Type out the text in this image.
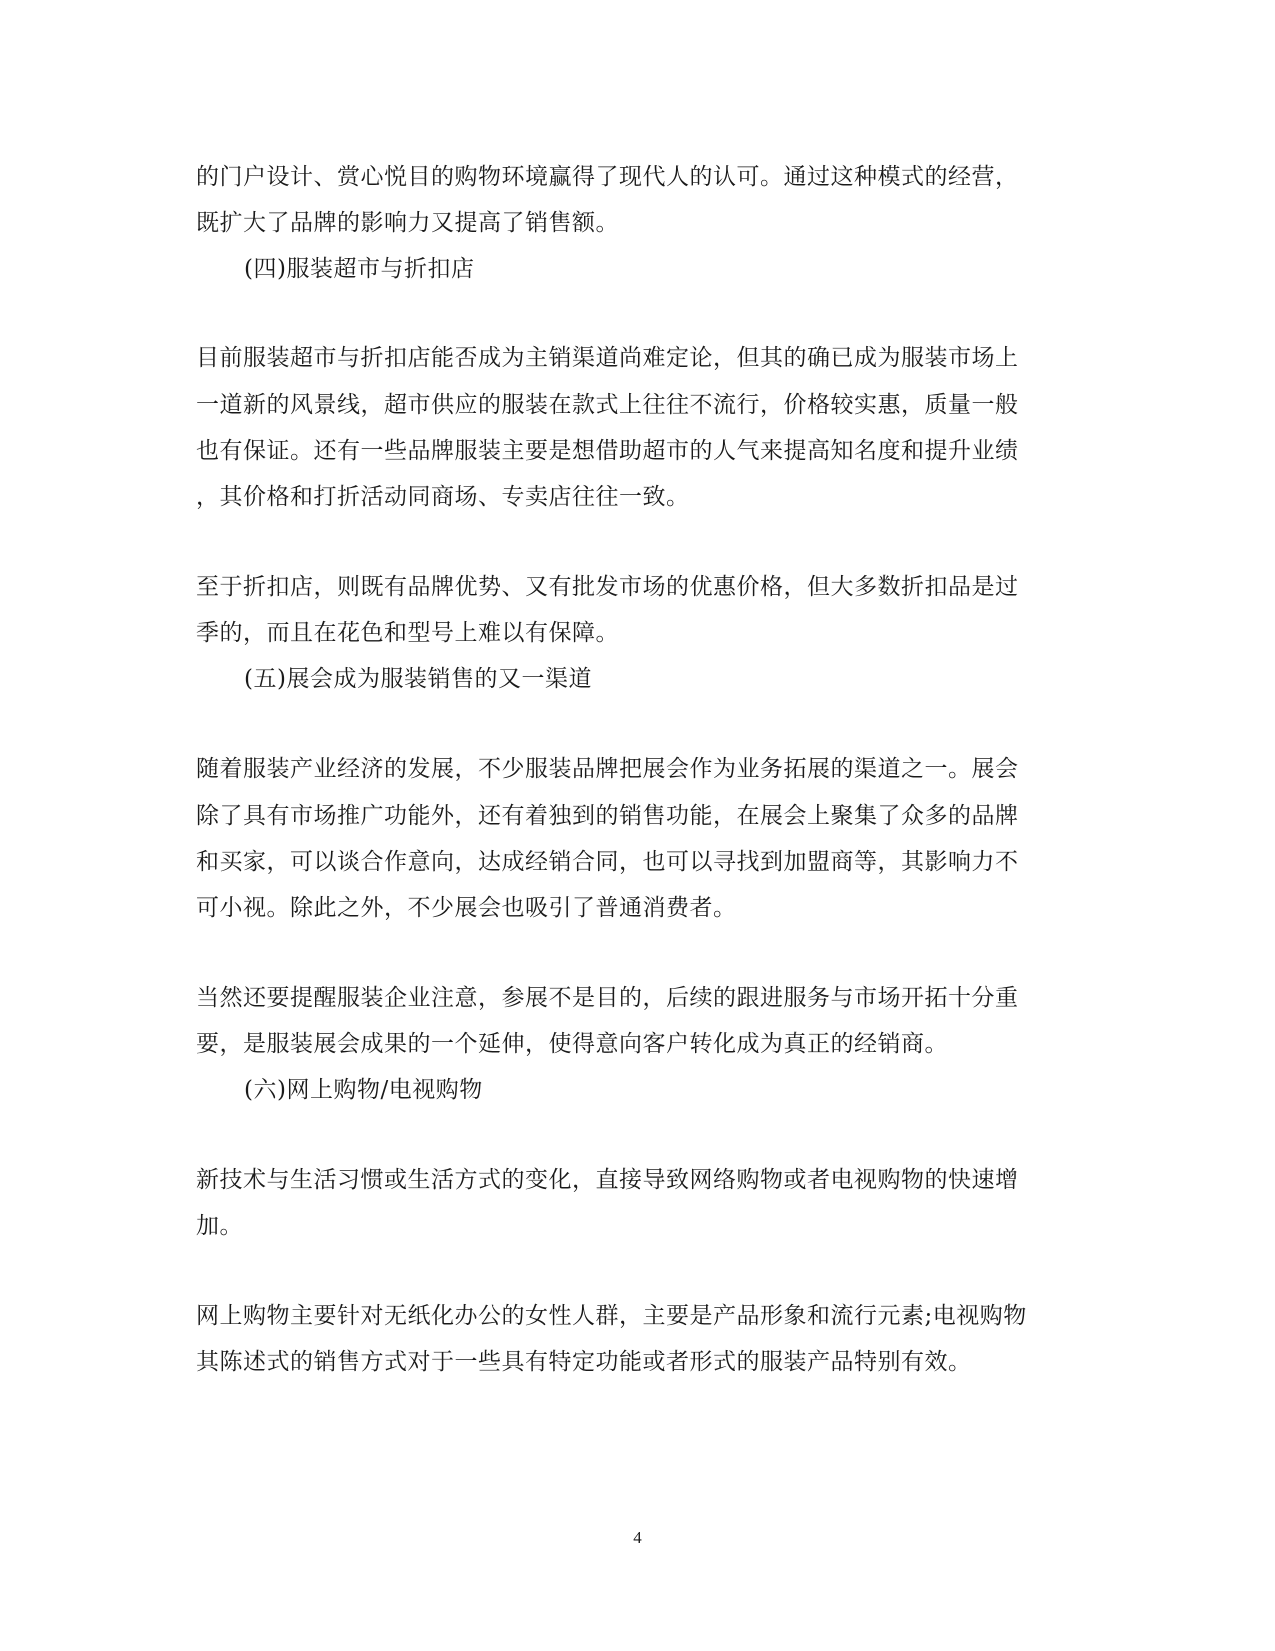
的门户设计、赏心悦目的购物环境赢得了现代人的认可。通过这种模式的经营，
既扩大了品牌的影响力又提高了销售额。
(四)服装超市与折扣店
目前服装超市与折扣店能否成为主销渠道尚难定论，但其的确已成为服装市场上
一道新的风景线，超市供应的服装在款式上往往不流行，价格较实惠，质量一般
也有保证。还有一些品牌服装主要是想借助超市的人气来提高知名度和提升业绩
，其价格和打折活动同商场、专卖店往往一致。
至于折扣店，则既有品牌优势、又有批发市场的优惠价格，但大多数折扣品是过
季的，而且在花色和型号上难以有保障。
(五)展会成为服装销售的又一渠道
随着服装产业经济的发展，不少服装品牌把展会作为业务拓展的渠道之一。展会
除了具有市场推广功能外，还有着独到的销售功能，在展会上聚集了众多的品牌
和买家，可以谈合作意向，达成经销合同，也可以寻找到加盟商等，其影响力不
可小视。除此之外，不少展会也吸引了普通消费者。
当然还要提醒服装企业注意，参展不是目的，后续的跟进服务与市场开拓十分重
要，是服装展会成果的一个延伸，使得意向客户转化成为真正的经销商。
(六)网上购物/电视购物
新技术与生活习惯或生活方式的变化，直接导致网络购物或者电视购物的快速增
加。
网上购物主要针对无纸化办公的女性人群，主要是产品形象和流行元素;电视购物
其陈述式的销售方式对于一些具有特定功能或者形式的服装产品特别有效。
4
